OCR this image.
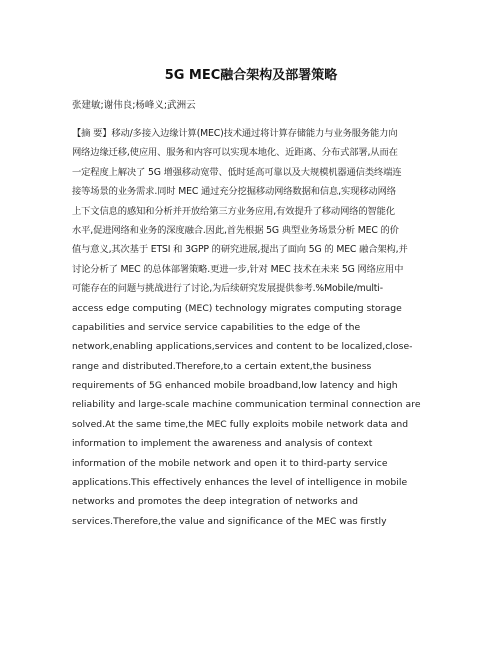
5G MEC融合架构及部署策略
张建敏;谢伟良;杨峰义;武洲云
【摘 要】移动/多接入边缘计算(MEC)技术通过将计算存储能力与业务服务能力向
网络边缘迁移,使应用、服务和内容可以实现本地化、近距离、分布式部署,从而在
一定程度上解决了 5G 增强移动宽带、低时延高可靠以及大规模机器通信类终端连
接等场景的业务需求.同时 MEC 通过充分挖掘移动网络数据和信息,实现移动网络
上下文信息的感知和分析并开放给第三方业务应用,有效提升了移动网络的智能化
水平,促进网络和业务的深度融合.因此,首先根据 5G 典型业务场景分析 MEC 的价
值与意义,其次基于 ETSI 和 3GPP 的研究进展,提出了面向 5G 的 MEC 融合架构,并
讨论分析了 MEC 的总体部署策略.更进一步,针对 MEC 技术在未来 5G 网络应用中
可能存在的问题与挑战进行了讨论,为后续研究发展提供参考.%Mobile/multi-
access edge computing (MEC) technology migrates computing storage
capabilities and service service capabilities to the edge of the
network,enabling applications,services and content to be localized,close-
range and distributed.Therefore,to a certain extent,the business
requirements of 5G enhanced mobile broadband,low latency and high
reliability and large-scale machine communication terminal connection are
solved.At the same time,the MEC fully exploits mobile network data and
information to implement the awareness and analysis of context
information of the mobile network and open it to third-party service
applications.This effectively enhances the level of intelligence in mobile
networks and promotes the deep integration of networks and
services.Therefore,the value and significance of the MEC was firstly
